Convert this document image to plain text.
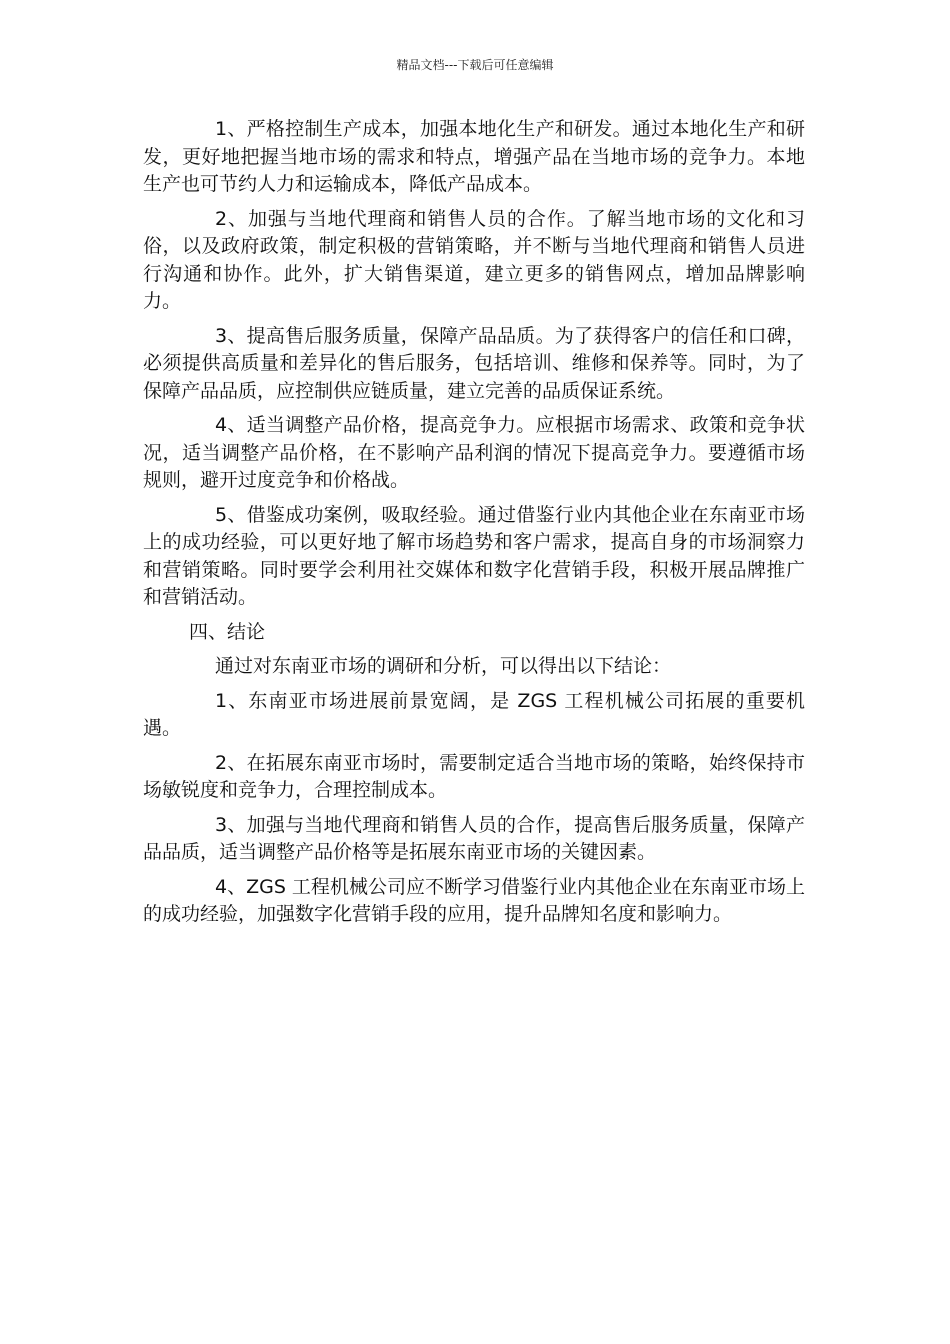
精品文档---下载后可任意编辑

1、严格控制生产成本，加强本地化生产和研发。通过本地化生产和研发，更好地把握当地市场的需求和特点，增强产品在当地市场的竞争力。本地生产也可节约人力和运输成本，降低产品成本。

2、加强与当地代理商和销售人员的合作。了解当地市场的文化和习俗，以及政府政策，制定积极的营销策略，并不断与当地代理商和销售人员进行沟通和协作。此外，扩大销售渠道，建立更多的销售网点，增加品牌影响力。

3、提高售后服务质量，保障产品品质。为了获得客户的信任和口碑，必须提供高质量和差异化的售后服务，包括培训、维修和保养等。同时，为了保障产品品质，应控制供应链质量，建立完善的品质保证系统。

4、适当调整产品价格，提高竞争力。应根据市场需求、政策和竞争状况，适当调整产品价格，在不影响产品利润的情况下提高竞争力。要遵循市场规则，避开过度竞争和价格战。

5、借鉴成功案例，吸取经验。通过借鉴行业内其他企业在东南亚市场上的成功经验，可以更好地了解市场趋势和客户需求，提高自身的市场洞察力和营销策略。同时要学会利用社交媒体和数字化营销手段，积极开展品牌推广和营销活动。

四、结论

通过对东南亚市场的调研和分析，可以得出以下结论：

1、东南亚市场进展前景宽阔，是 ZGS 工程机械公司拓展的重要机遇。

2、在拓展东南亚市场时，需要制定适合当地市场的策略，始终保持市场敏锐度和竞争力，合理控制成本。

3、加强与当地代理商和销售人员的合作，提高售后服务质量，保障产品品质，适当调整产品价格等是拓展东南亚市场的关键因素。

4、ZGS 工程机械公司应不断学习借鉴行业内其他企业在东南亚市场上的成功经验，加强数字化营销手段的应用，提升品牌知名度和影响力。
